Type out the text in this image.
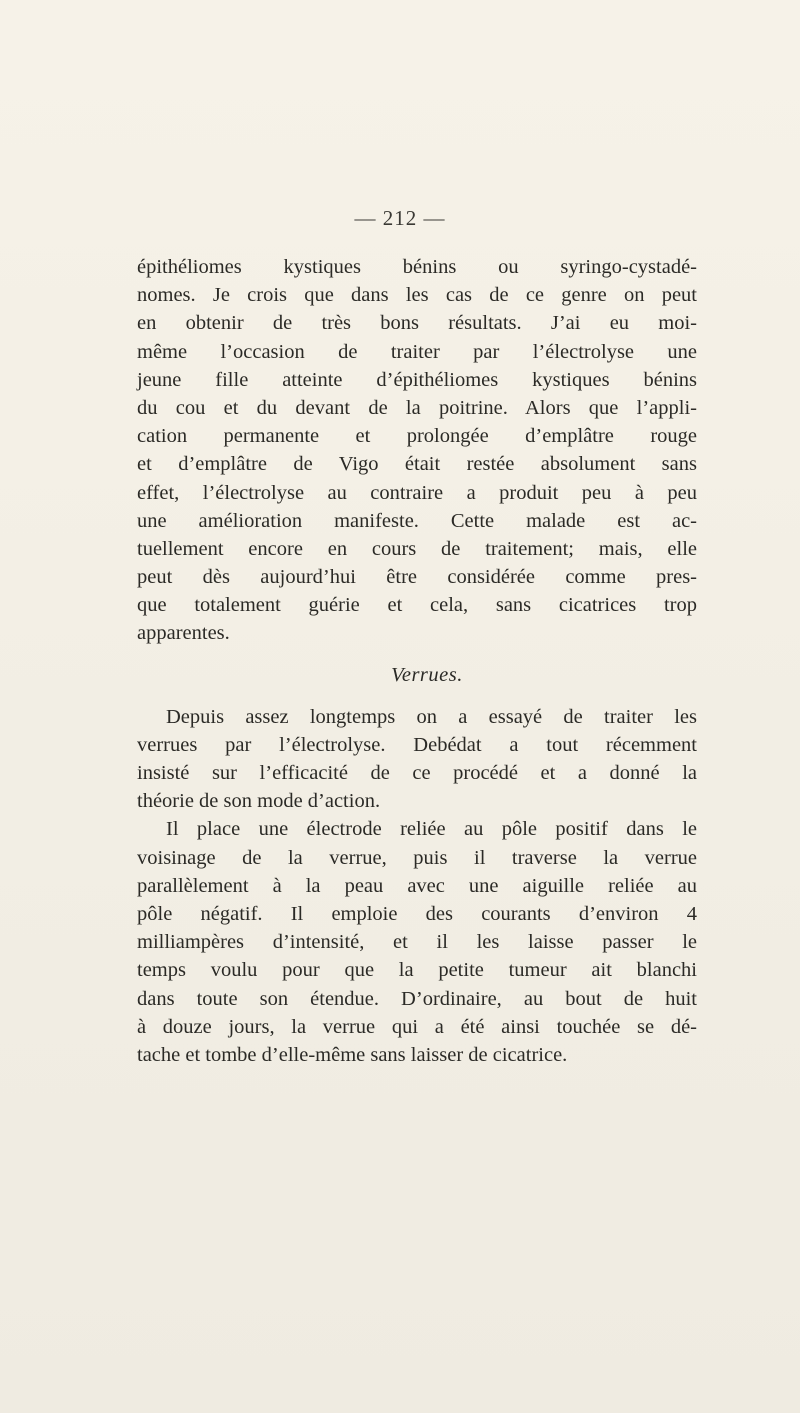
— 212 —
épithéliomes kystiques bénins ou syringo-cystadé-
nomes. Je crois que dans les cas de ce genre on peut
en obtenir de très bons résultats. J’ai eu moi-
même l’occasion de traiter par l’électrolyse une
jeune fille atteinte d’épithéliomes kystiques bénins
du cou et du devant de la poitrine. Alors que l’appli-
cation permanente et prolongée d’emplâtre rouge
et d’emplâtre de Vigo était restée absolument sans
effet, l’électrolyse au contraire a produit peu à peu
une amélioration manifeste. Cette malade est ac-
tuellement encore en cours de traitement; mais, elle
peut dès aujourd’hui être considérée comme pres-
que totalement guérie et cela, sans cicatrices trop
apparentes.
Verrues.
Depuis assez longtemps on a essayé de traiter les
verrues par l’électrolyse. Debédat a tout récemment
insisté sur l’efficacité de ce procédé et a donné la
théorie de son mode d’action.
Il place une électrode reliée au pôle positif dans le
voisinage de la verrue, puis il traverse la verrue
parallèlement à la peau avec une aiguille reliée au
pôle négatif. Il emploie des courants d’environ 4
milliampères d’intensité, et il les laisse passer le
temps voulu pour que la petite tumeur ait blanchi
dans toute son étendue. D’ordinaire, au bout de huit
à douze jours, la verrue qui a été ainsi touchée se dé-
tache et tombe d’elle-même sans laisser de cicatrice.
